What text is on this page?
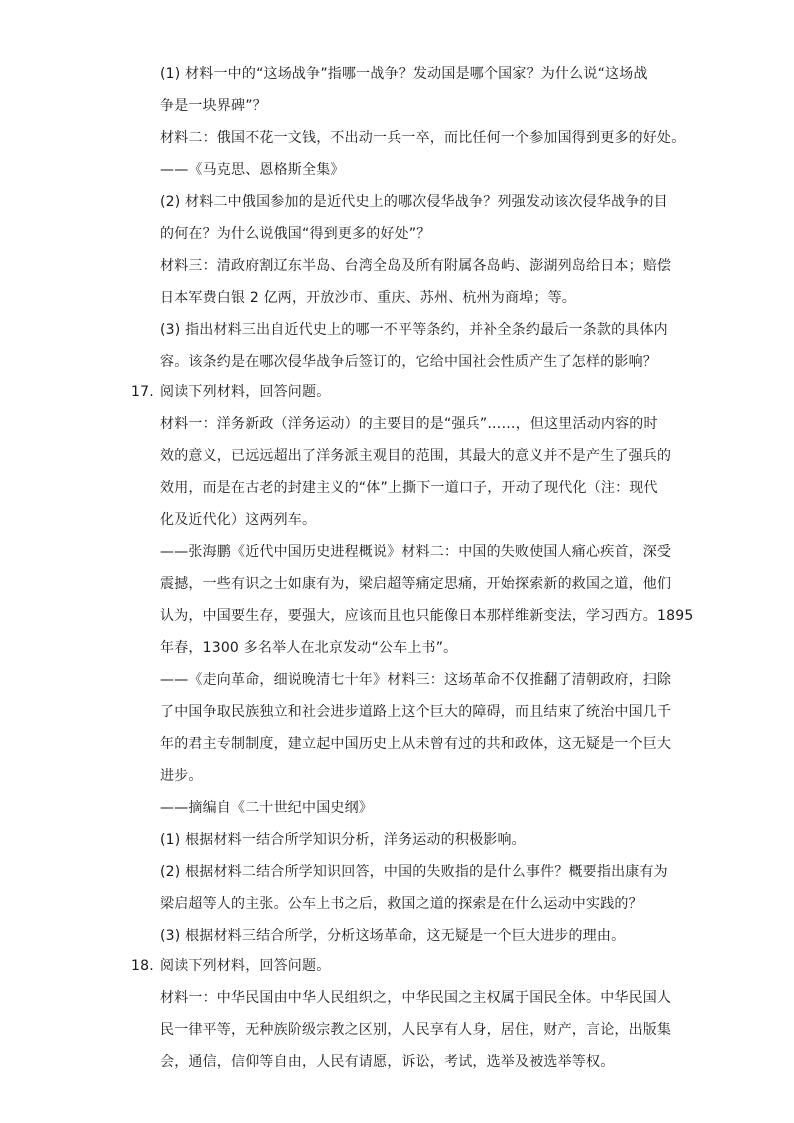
(1) 材料一中的“这场战争”指哪一战争？发动国是哪个国家？为什么说“这场战
争是一块界碑”？
材料二：俄国不花一文钱，不出动一兵一卒，而比任何一个参加国得到更多的好处。
——《马克思、恩格斯全集》
(2) 材料二中俄国参加的是近代史上的哪次侵华战争？列强发动该次侵华战争的目
的何在？为什么说俄国“得到更多的好处”？
材料三：清政府割辽东半岛、台湾全岛及所有附属各岛屿、澎湖列岛给日本；赔偿
日本军费白银 2 亿两，开放沙市、重庆、苏州、杭州为商埠；等。
(3) 指出材料三出自近代史上的哪一不平等条约，并补全条约最后一条款的具体内
容。该条约是在哪次侵华战争后签订的，它给中国社会性质产生了怎样的影响？
17. 阅读下列材料，回答问题。
材料一：洋务新政（洋务运动）的主要目的是“强兵”……，但这里活动内容的时
效的意义，已远远超出了洋务派主观目的范围，其最大的意义并不是产生了强兵的
效用，而是在古老的封建主义的“体”上撕下一道口子，开动了现代化（注：现代
化及近代化）这两列车。
——张海鹏《近代中国历史进程概说》材料二：中国的失败使国人痛心疾首，深受
震撼，一些有识之士如康有为，梁启超等痛定思痛，开始探索新的救国之道，他们
认为，中国要生存，要强大，应该而且也只能像日本那样维新变法，学习西方。1895
年春，1300 多名举人在北京发动“公车上书”。
——《走向革命，细说晚清七十年》材料三：这场革命不仅推翻了清朝政府，扫除
了中国争取民族独立和社会进步道路上这个巨大的障碍，而且结束了统治中国几千
年的君主专制制度，建立起中国历史上从未曾有过的共和政体，这无疑是一个巨大
进步。
——摘编自《二十世纪中国史纲》
(1) 根据材料一结合所学知识分析，洋务运动的积极影响。
(2) 根据材料二结合所学知识回答，中国的失败指的是什么事件？概要指出康有为
梁启超等人的主张。公车上书之后，救国之道的探索是在什么运动中实践的？
(3) 根据材料三结合所学，分析这场革命，这无疑是一个巨大进步的理由。
18. 阅读下列材料，回答问题。
材料一：中华民国由中华人民组织之，中华民国之主权属于国民全体。中华民国人
民一律平等，无种族阶级宗教之区别，人民享有人身，居住，财产，言论，出版集
会，通信，信仰等自由，人民有请愿，诉讼，考试，选举及被选举等权。
